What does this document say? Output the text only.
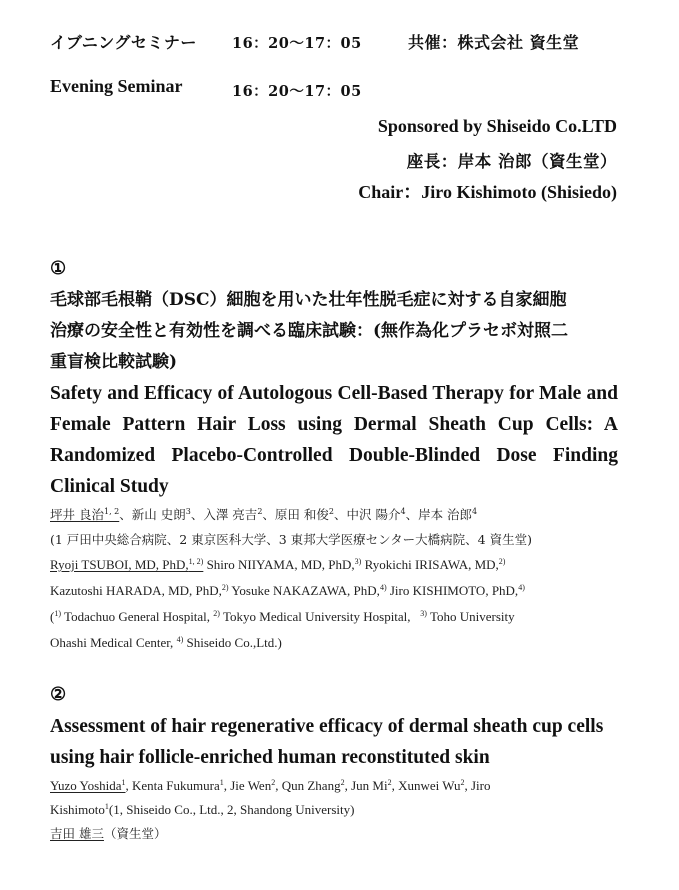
イブニングセミナー 16：20〜17：05	共催：株式会社 資生堂
Evening Seminar	16：20〜17：05
Sponsored by Shiseido Co.LTD
座長：岸本 治郎（資生堂）
Chair：Jiro Kishimoto (Shisiedo)
①
毛球部毛根鞘（DSC）細胞を用いた壮年性脱毛症に対する自家細胞
治療の安全性と有効性を調べる臨床試験：(無作為化プラセボ対照二
重盲検比較試験)
Safety and Efficacy of Autologous Cell-Based Therapy for Male and
Female Pattern Hair Loss using Dermal Sheath Cup Cells: A
Randomized Placebo-Controlled Double-Blinded Dose Finding
Clinical Study
坪井 良治$^{1, 2}$、新山 史朗$^3$、入澤 亮吉$^2$、原田 和俊$^2$、中沢 陽介$^4$、岸本 治郎$^4$
(1 戸田中央総合病院、2 東京医科大学、3 東邦大学医療センター大橋病院、4 資生堂)
Ryoji TSUBOI, MD, PhD,$^{1, 2)}$ Shiro NIIYAMA, MD, PhD,$^{3)}$ Ryokichi IRISAWA, MD,$^{2)}$
Kazutoshi HARADA, MD, PhD,$^{2)}$ Yosuke NAKAZAWA, PhD,$^{4)}$ Jiro KISHIMOTO, PhD,$^{4)}$
($^{1)}$ Todachuo General Hospital, $^{2)}$ Tokyo Medical University Hospital,   $^{3)}$ Toho University
Ohashi Medical Center, $^{4)}$ Shiseido Co.,Ltd.)
②
Assessment of hair regenerative efficacy of dermal sheath cup cells
using hair follicle-enriched human reconstituted skin
Yuzo Yoshida$^1$, Kenta Fukumura$^1$, Jie Wen$^2$, Qun Zhang$^2$, Jun Mi$^2$, Xunwei Wu$^2$, Jiro
Kishimoto$^1$(1, Shiseido Co., Ltd., 2, Shandong University)
吉田 雄三（資生堂）
